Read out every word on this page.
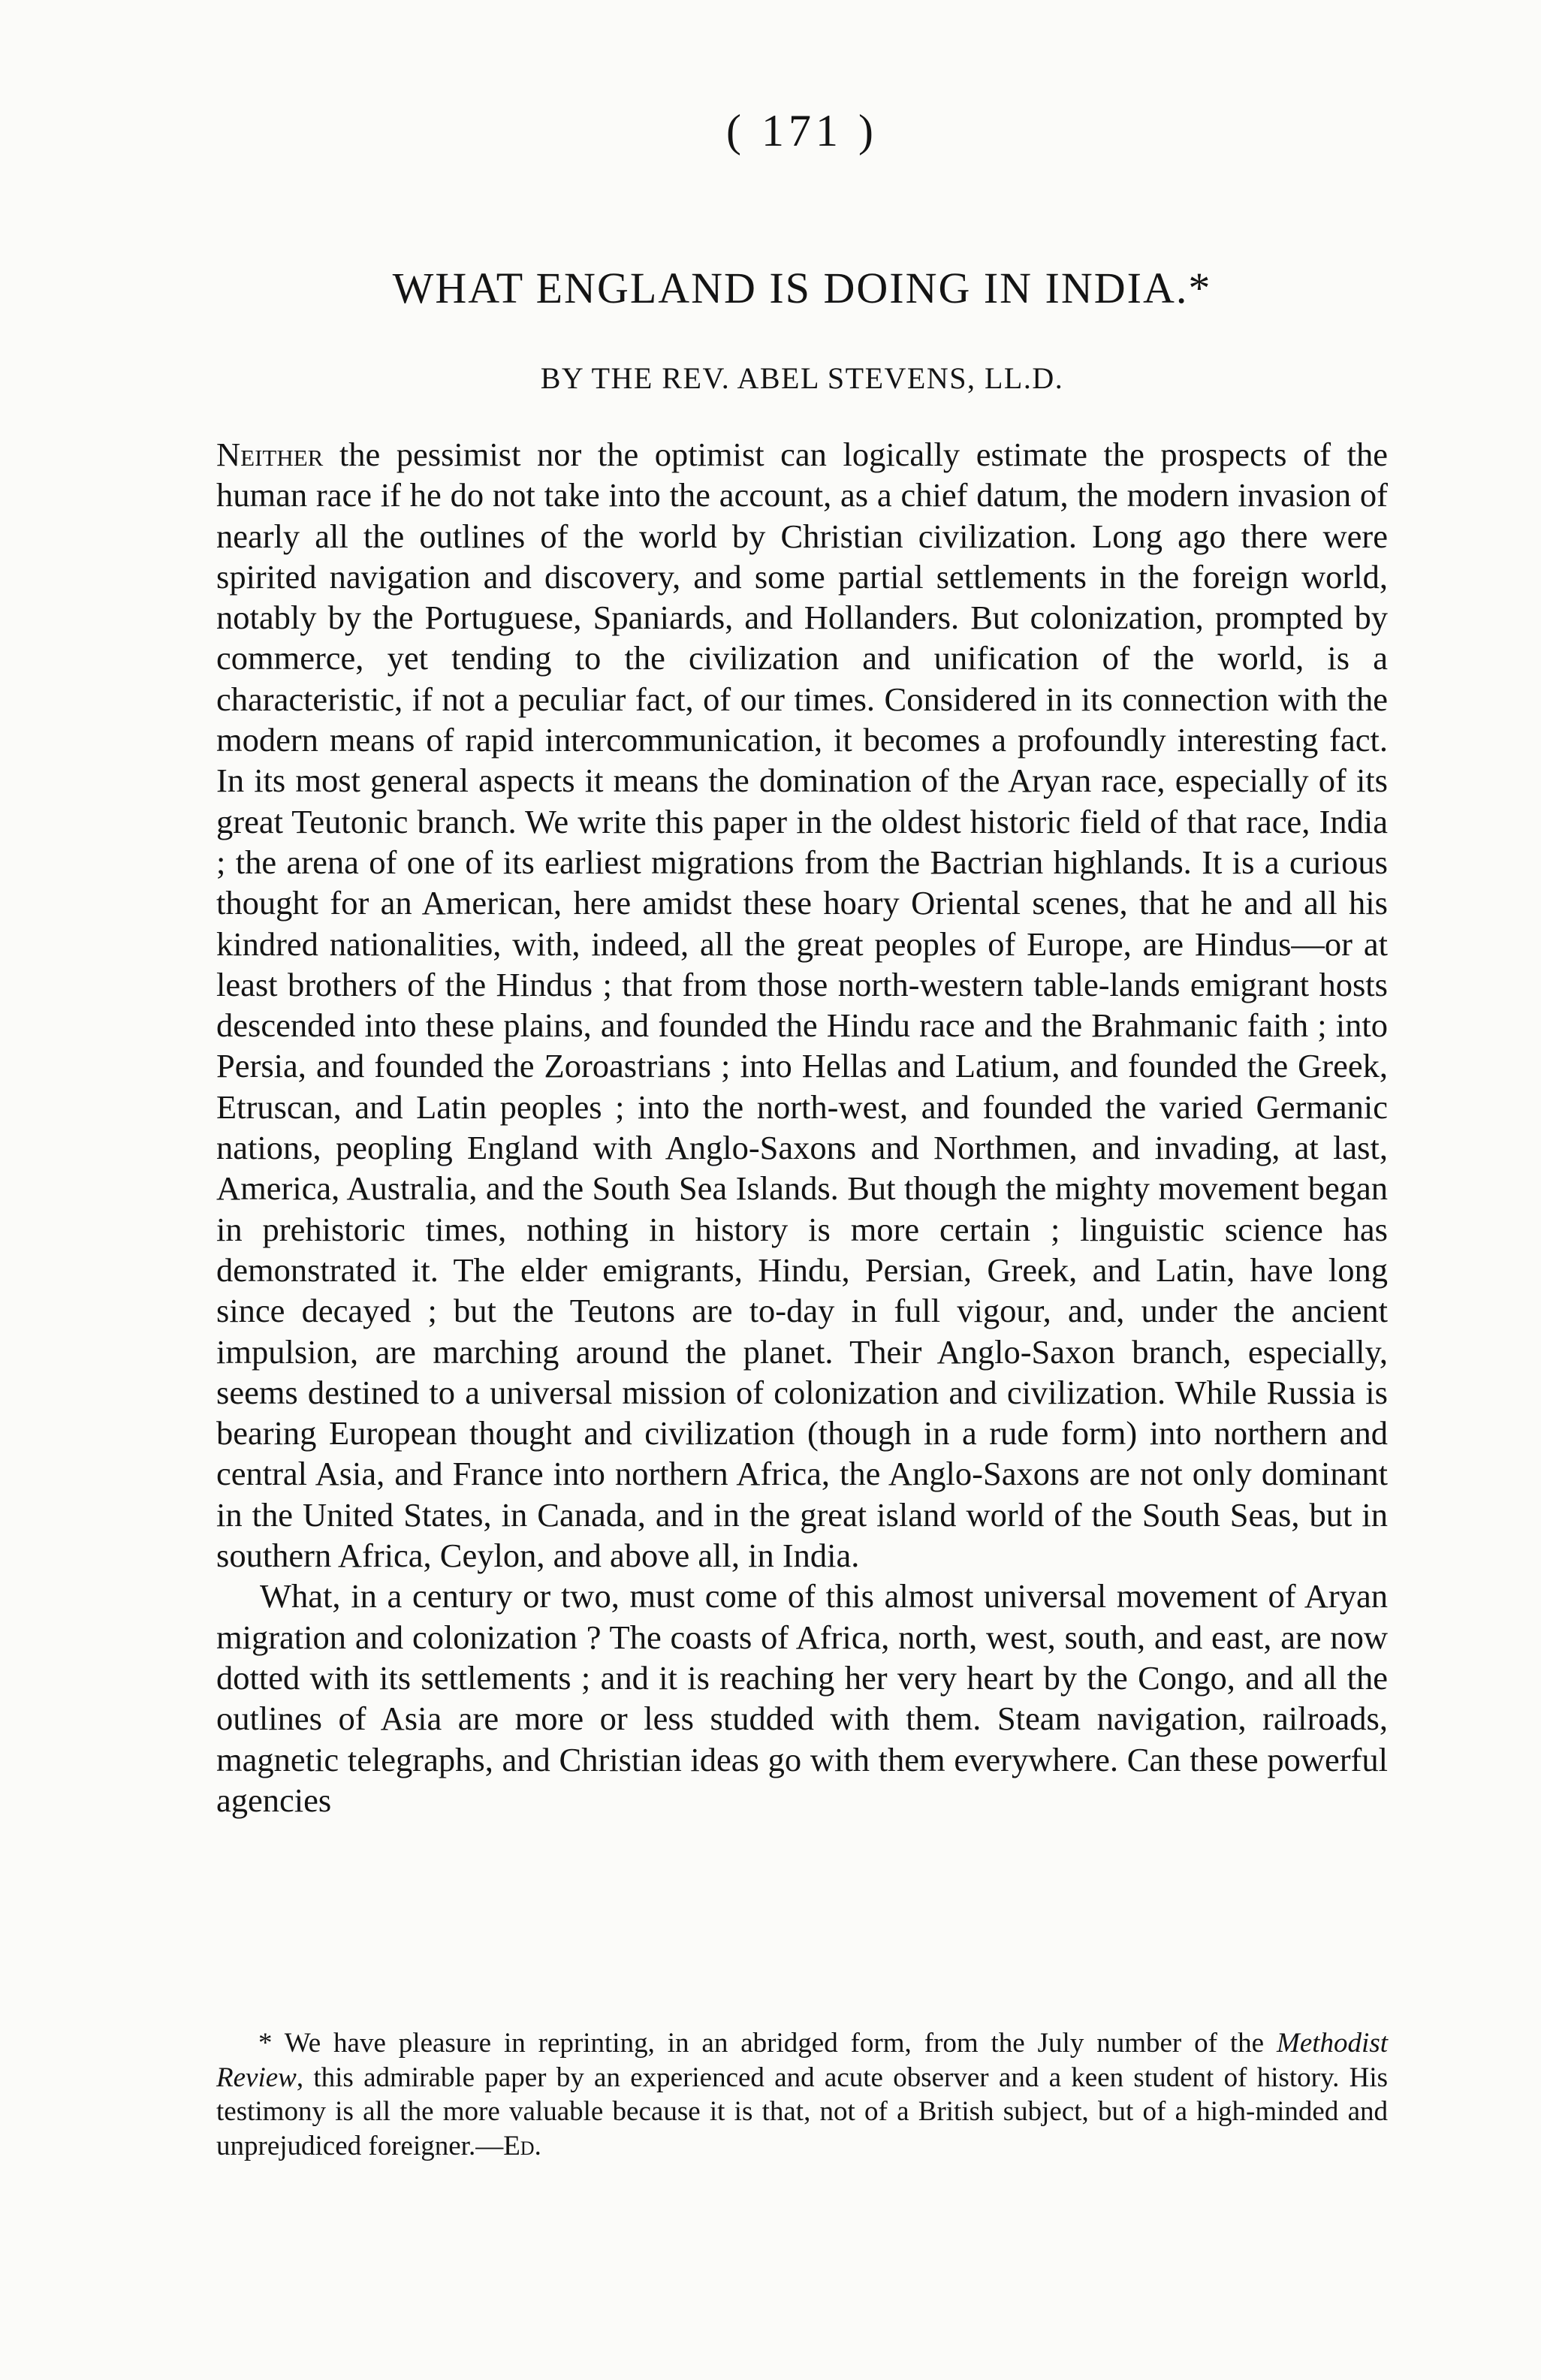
( 171 )
WHAT ENGLAND IS DOING IN INDIA.*
BY THE REV. ABEL STEVENS, LL.D.

Neither the pessimist nor the optimist can logically estimate the prospects of the human race if he do not take into the account, as a chief datum, the modern invasion of nearly all the outlines of the world by Christian civilization. Long ago there were spirited navigation and discovery, and some partial settlements in the foreign world, notably by the Portuguese, Spaniards, and Hollanders. But colonization, prompted by commerce, yet tending to the civilization and unification of the world, is a characteristic, if not a peculiar fact, of our times. Considered in its connection with the modern means of rapid intercommunication, it becomes a profoundly interesting fact. In its most general aspects it means the domination of the Aryan race, especially of its great Teutonic branch. We write this paper in the oldest historic field of that race, India ; the arena of one of its earliest migrations from the Bactrian highlands. It is a curious thought for an American, here amidst these hoary Oriental scenes, that he and all his kindred nationalities, with, indeed, all the great peoples of Europe, are Hindus—or at least brothers of the Hindus ; that from those north-western table-lands emigrant hosts descended into these plains, and founded the Hindu race and the Brahmanic faith ; into Persia, and founded the Zoroastrians ; into Hellas and Latium, and founded the Greek, Etruscan, and Latin peoples ; into the north-west, and founded the varied Germanic nations, peopling England with Anglo-Saxons and Northmen, and invading, at last, America, Australia, and the South Sea Islands. But though the mighty movement began in prehistoric times, nothing in history is more certain ; linguistic science has demonstrated it. The elder emigrants, Hindu, Persian, Greek, and Latin, have long since decayed ; but the Teutons are to-day in full vigour, and, under the ancient impulsion, are marching around the planet. Their Anglo-Saxon branch, especially, seems destined to a universal mission of colonization and civilization. While Russia is bearing European thought and civilization (though in a rude form) into northern and central Asia, and France into northern Africa, the Anglo-Saxons are not only dominant in the United States, in Canada, and in the great island world of the South Seas, but in southern Africa, Ceylon, and above all, in India.

What, in a century or two, must come of this almost universal movement of Aryan migration and colonization ? The coasts of Africa, north, west, south, and east, are now dotted with its settlements ; and it is reaching her very heart by the Congo, and all the outlines of Asia are more or less studded with them. Steam navigation, railroads, magnetic telegraphs, and Christian ideas go with them everywhere. Can these powerful agencies

* We have pleasure in reprinting, in an abridged form, from the July number of the Methodist Review, this admirable paper by an experienced and acute observer and a keen student of history. His testimony is all the more valuable because it is that, not of a British subject, but of a high-minded and unprejudiced foreigner.—Ed.
